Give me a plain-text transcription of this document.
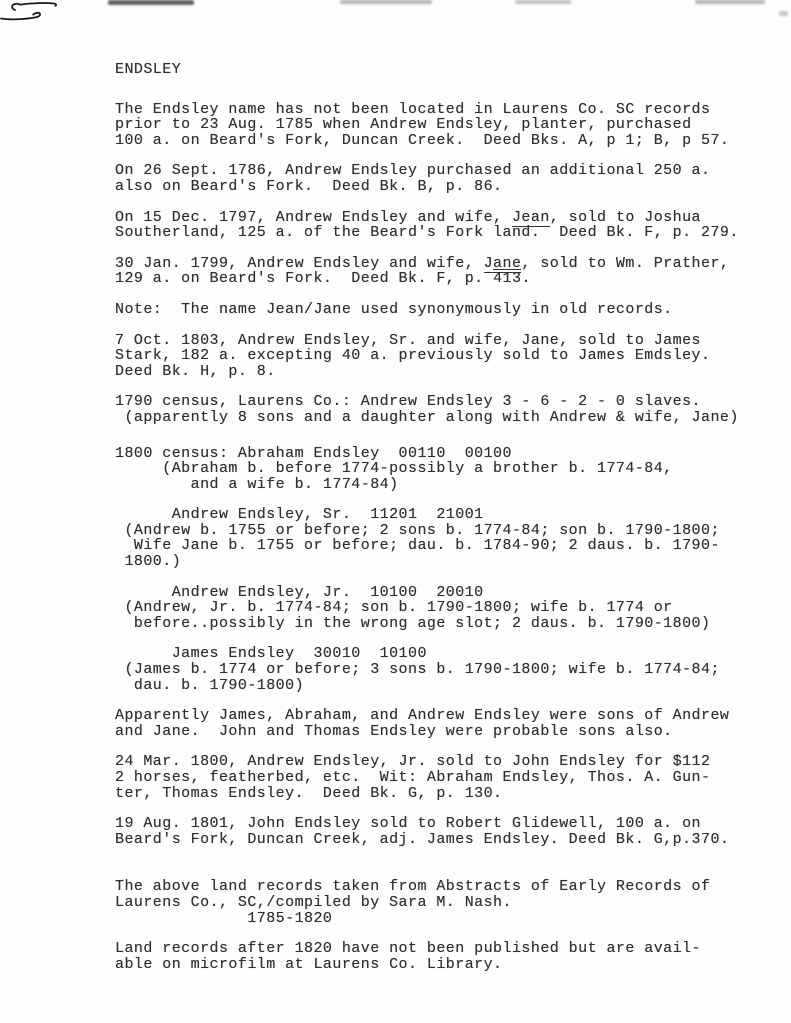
ENDSLEY
The Endsley name has not been located in Laurens Co. SC records
prior to 23 Aug. 1785 when Andrew Endsley, planter, purchased
100 a. on Beard's Fork, Duncan Creek.  Deed Bks. A, p 1; B, p 57.
On 26 Sept. 1786, Andrew Endsley purchased an additional 250 a.
also on Beard's Fork.  Deed Bk. B, p. 86.
On 15 Dec. 1797, Andrew Endsley and wife, Jean, sold to Joshua
Southerland, 125 a. of the Beard's Fork land.  Deed Bk. F, p. 279.
30 Jan. 1799, Andrew Endsley and wife, Jane, sold to Wm. Prather,
129 a. on Beard's Fork.  Deed Bk. F, p. 413.
Note:  The name Jean/Jane used synonymously in old records.
7 Oct. 1803, Andrew Endsley, Sr. and wife, Jane, sold to James
Stark, 182 a. excepting 40 a. previously sold to James Emdsley.
Deed Bk. H, p. 8.
1790 census, Laurens Co.: Andrew Endsley 3 - 6 - 2 - 0 slaves.
(apparently 8 sons and a daughter along with Andrew & wife, Jane)
1800 census: Abraham Endsley  00110  00100
(Abraham b. before 1774-possibly a brother b. 1774-84,
and a wife b. 1774-84)
Andrew Endsley, Sr.  11201  21001
(Andrew b. 1755 or before; 2 sons b. 1774-84; son b. 1790-1800;
Wife Jane b. 1755 or before; dau. b. 1784-90; 2 daus. b. 1790-
1800.)
Andrew Endsley, Jr.  10100  20010
(Andrew, Jr. b. 1774-84; son b. 1790-1800; wife b. 1774 or
before..possibly in the wrong age slot; 2 daus. b. 1790-1800)
James Endsley  30010  10100
(James b. 1774 or before; 3 sons b. 1790-1800; wife b. 1774-84;
dau. b. 1790-1800)
Apparently James, Abraham, and Andrew Endsley were sons of Andrew
and Jane.  John and Thomas Endsley were probable sons also.
24 Mar. 1800, Andrew Endsley, Jr. sold to John Endsley for $112
2 horses, featherbed, etc.  Wit: Abraham Endsley, Thos. A. Gun-
ter, Thomas Endsley.  Deed Bk. G, p. 130.
19 Aug. 1801, John Endsley sold to Robert Glidewell, 100 a. on
Beard's Fork, Duncan Creek, adj. James Endsley. Deed Bk. G,p.370.
The above land records taken from Abstracts of Early Records of
Laurens Co., SC,/compiled by Sara M. Nash.
1785-1820
Land records after 1820 have not been published but are avail-
able on microfilm at Laurens Co. Library.
